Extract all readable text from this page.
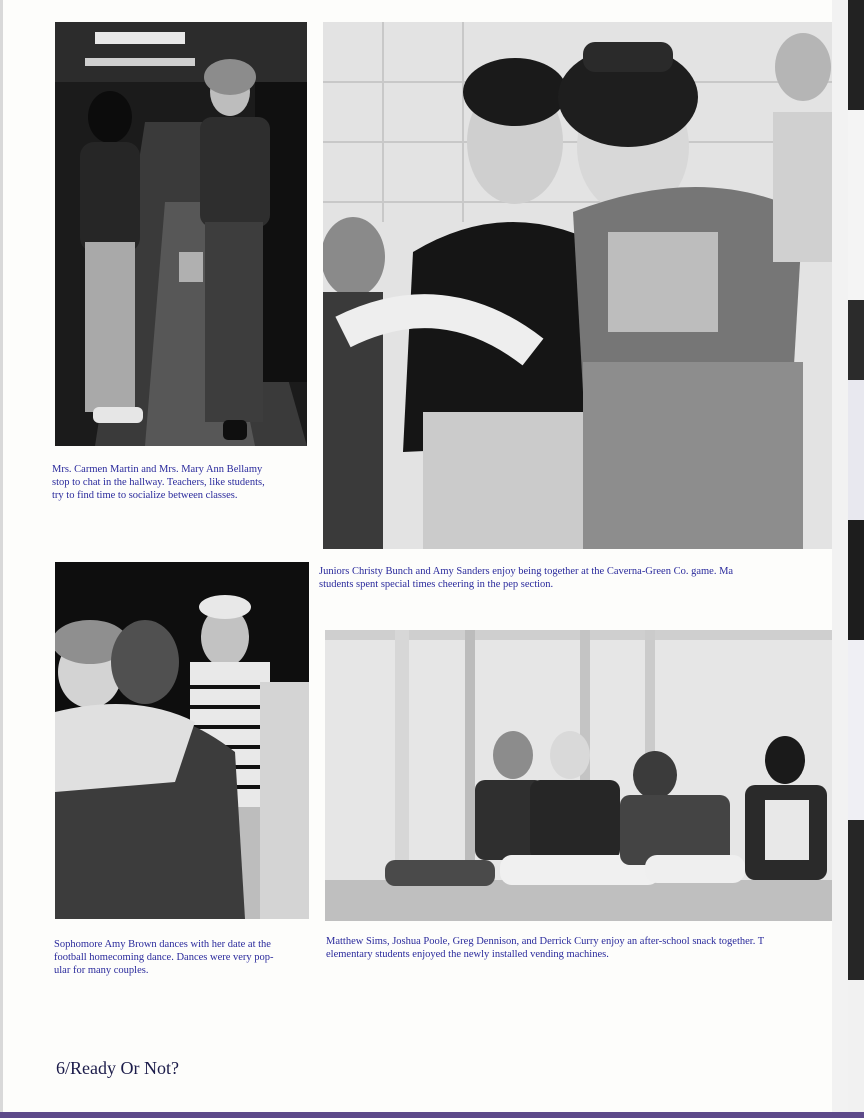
Mrs. Carmen Martin and Mrs. Mary Ann Bellamy
stop to chat in the hallway. Teachers, like students,
try to find time to socialize between classes.

Juniors Christy Bunch and Amy Sanders enjoy being together at the Caverna-Green Co. game. Ma
students spent special times cheering in the pep section.

Sophomore Amy Brown dances with her date at the
football homecoming dance. Dances were very pop-
ular for many couples.

Matthew Sims, Joshua Poole, Greg Dennison, and Derrick Curry enjoy an after-school snack together. T
elementary students enjoyed the newly installed vending machines.

6/Ready Or Not?
